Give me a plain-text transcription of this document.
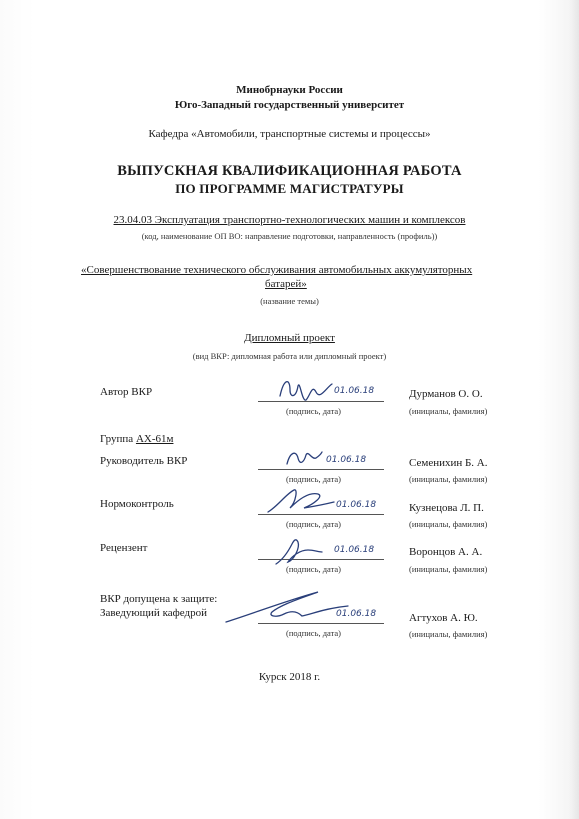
Минобрнауки России
Юго-Западный государственный университет
Кафедра «Автомобили, транспортные системы и процессы»
ВЫПУСКНАЯ КВАЛИФИКАЦИОННАЯ РАБОТА
ПО ПРОГРАММЕ МАГИСТРАТУРЫ
23.04.03 Эксплуатация транспортно-технологических машин и комплексов
(код, наименование ОП ВО: направление подготовки, направленность (профиль))
«Совершенствование технического обслуживания автомобильных аккумуляторных
батарей»
(название темы)
Дипломный проект
(вид ВКР: дипломная работа или дипломный проект)
Автор ВКР	01.06.18
(подпись, дата)
Дурманов О. О.
(инициалы, фамилия)
Группа АХ-61м
Руководитель ВКР	01.06.18
(подпись, дата)
Семенихин Б. А.
(инициалы, фамилия)
Нормоконтроль	01.06.18
(подпись, дата)
Кузнецова Л. П.
(инициалы, фамилия)
Рецензент	01.06.18
(подпись, дата)
Воронцов А. А.
(инициалы, фамилия)
ВКР допущена к защите:
Заведующий кафедрой	01.06.18
(подпись, дата)
Агтухов А. Ю.
(инициалы, фамилия)
Курск 2018 г.
